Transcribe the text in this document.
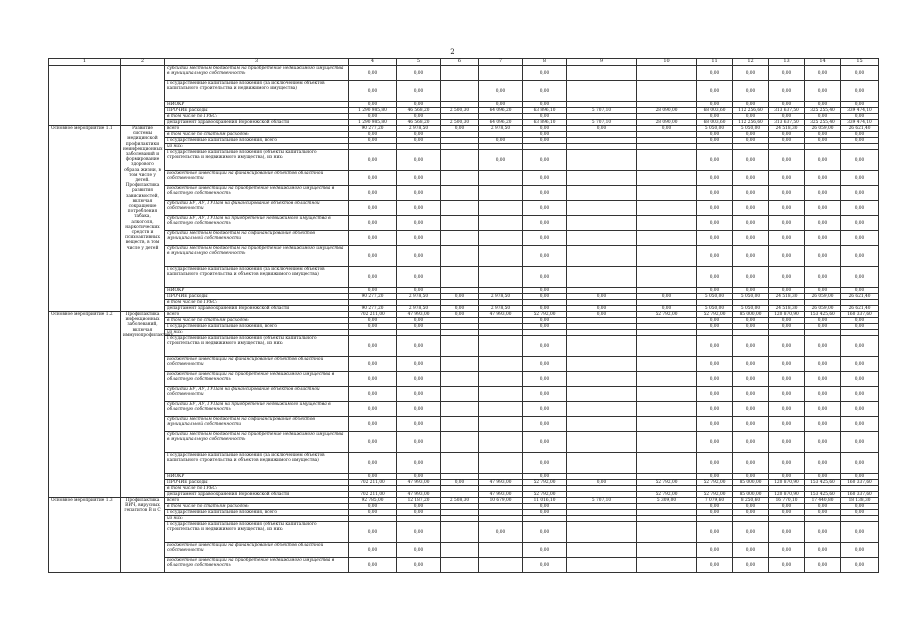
2
1	2	3	4	5	6	7	8	9	10	11	12	13	14	15
		субсидии местным бюджетам на приобретение недвижимого имущества в муниципальную собственность	0,00	0,00			0,00			0,00	0,00	0,00	0,00	0,00
		Государственные капитальные вложения (за исключением объектов капитального строительства и недвижимого имущества)	0,00	0,00		0,00	0,00			0,00	0,00	0,00	0,00	0,00
		НИОКР	0,00	0,00		0,00	0,00			0,00	0,00	0,00	0,00	0,00
		ПРОЧИЕ расходы	1 290 985,80	46 568,20	2 500,30	64 096,20	63 896,10	5 707,10	28 090,00	68 003,60	112 256,60	313 637,50	325 255,40	339 474,10
		в том числе по ГРБС:	0,00	0,00			0,00			0,00	0,00	0,00	0,00	0,00
		департамент здравоохранения Воронежской области	1 290 985,80	46 568,20	2 500,30	64 096,20	63 896,10	5 707,10	28 090,00	68 003,60	112 256,60	313 637,50	325 255,40	339 474,10
Основное мероприятие 1.1	Развитие системы медицинской профилактики неинфекционных заболеваний и формирование здорового образа жизни, в том числе у детей. Профилактика развития зависимостей, включая сокращение потребления табака, алкоголя, наркотических средств и психоактивных веществ, в том числе у детей	всего	90 277,20	2 978,50	0,00	2 978,50	0,00	0,00	0,00	5 050,00	5 050,00	24 518,30	26 059,00	26 621,40
		в том числе по статьям расходов:	0,00	0,00			0,00			0,00	0,00	0,00	0,00	0,00
		Государственные капитальные вложения, всего	0,00	0,00		0,00	0,00			0,00	0,00	0,00	0,00	0,00
		из них:												
		Государственные капитальные вложения (объекты капитального строительства и недвижимого имущества), из них:	0,00	0,00		0,00	0,00			0,00	0,00	0,00	0,00	0,00
		Бюджетные инвестиции на финансирование объектов областной собственности	0,00	0,00			0,00			0,00	0,00	0,00	0,00	0,00
		Бюджетные инвестиции на приобретение недвижимого имущества в областную собственность	0,00	0,00			0,00			0,00	0,00	0,00	0,00	0,00
		субсидии БУ, АУ, ГУПам на финансирование объектов областной собственности	0,00	0,00			0,00			0,00	0,00	0,00	0,00	0,00
		субсидии БУ, АУ, ГУПам на приобретение недвижимого имущества в областную собственность	0,00	0,00			0,00			0,00	0,00	0,00	0,00	0,00
		субсидии местным бюджетам на софинансирование объектов муниципальной собственности	0,00	0,00			0,00			0,00	0,00	0,00	0,00	0,00
		субсидии местным бюджетам на приобретение недвижимого имущества в муниципальную собственность	0,00	0,00			0,00			0,00	0,00	0,00	0,00	0,00
		Государственные капитальные вложения (за исключением объектов капитального строительства и объектов недвижимого имущества)	0,00	0,00			0,00			0,00	0,00	0,00	0,00	0,00
		НИОКР	0,00	0,00			0,00			0,00	0,00	0,00	0,00	0,00
		ПРОЧИЕ расходы	90 277,20	2 978,50	0,00	2 978,50	0,00	0,00	0,00	5 050,00	5 050,00	24 518,30	26 059,00	26 621,40
		в том числе по ГРБС:												
		департамент здравоохранения Воронежской области	90 277,20	2 978,50	0,00	2 978,50	0,00	0,00	0,00	5 050,00	5 050,00	24 518,30	26 059,00	26 621,40
Основное мероприятие 1.2	Профилактика инфекционных заболеваний, включая иммунопрофилактику	всего	702 211,00	47 993,00	0,00	47 993,00	52 792,00	0,00	52 792,00	52 792,00	85 000,00	120 870,90	153 425,60	160 337,60
		в том числе по статьям расходов:	0,00	0,00			0,00			0,00	0,00	0,00	0,00	0,00
		Государственные капитальные вложения, всего	0,00	0,00			0,00			0,00	0,00	0,00	0,00	0,00
		из них:												
		Государственные капитальные вложения (объекты капитального строительства и недвижимого имущества), из них:	0,00	0,00			0,00			0,00	0,00	0,00	0,00	0,00
		Бюджетные инвестиции на финансирование объектов областной собственности	0,00	0,00			0,00			0,00	0,00	0,00	0,00	0,00
		Бюджетные инвестиции на приобретение недвижимого имущества в областную собственность	0,00	0,00			0,00			0,00	0,00	0,00	0,00	0,00
		субсидии БУ, АУ, ГУПам на финансирование объектов областной собственности	0,00	0,00			0,00			0,00	0,00	0,00	0,00	0,00
		субсидии БУ, АУ, ГУПам на приобретение недвижимого имущества в областную собственность	0,00	0,00			0,00			0,00	0,00	0,00	0,00	0,00
		субсидии местным бюджетам на софинансирование объектов муниципальной собственности	0,00	0,00			0,00			0,00	0,00	0,00	0,00	0,00
		субсидии местным бюджетам на приобретение недвижимого имущества в муниципальную собственность	0,00	0,00			0,00			0,00	0,00	0,00	0,00	0,00
		Государственные капитальные вложения (за исключением объектов капитального строительства и объектов недвижимого имущества)	0,00	0,00			0,00			0,00	0,00	0,00	0,00	0,00
		НИОКР	0,00	0,00			0,00			0,00	0,00	0,00	0,00	0,00
		ПРОЧИЕ расходы	702 211,00	47 993,00	0,00	47 993,00	52 792,00	0,00	52 792,00	52 792,00	85 000,00	120 870,90	153 425,60	160 337,60
		в том числе по ГРБС:												
		департамент здравоохранения Воронежской области	702 211,00	47 993,00		47 993,00	52 792,00		52 792,00	52 792,00	85 000,00	120 870,90	153 425,60	160 337,60
Основное мероприятие 1.3	Профилактика ВИЧ, вирусных гепатитов В и С	всего	92 785,00	12 187,20	2 508,30	10 679,00	11 016,10	5 707,10	5 309,00	7 079,60	8 250,60	16 770,10	17 440,80	18 138,30
		в том числе по статьям расходов:	0,00	0,00			0,00			0,00	0,00	0,00	0,00	0,00
		Государственные капитальные вложения, всего	0,00	0,00			0,00			0,00	0,00	0,00	0,00	0,00
		из них:												
		Государственные капитальные вложения (объекты капитального строительства и недвижимого имущества), из них:	0,00	0,00		0,00	0,00			0,00	0,00	0,00	0,00	0,00
		Бюджетные инвестиции на финансирование объектов областной собственности	0,00	0,00			0,00			0,00	0,00	0,00	0,00	0,00
		Бюджетные инвестиции на приобретение недвижимого имущества в областную собственность	0,00	0,00			0,00			0,00	0,00	0,00	0,00	0,00
